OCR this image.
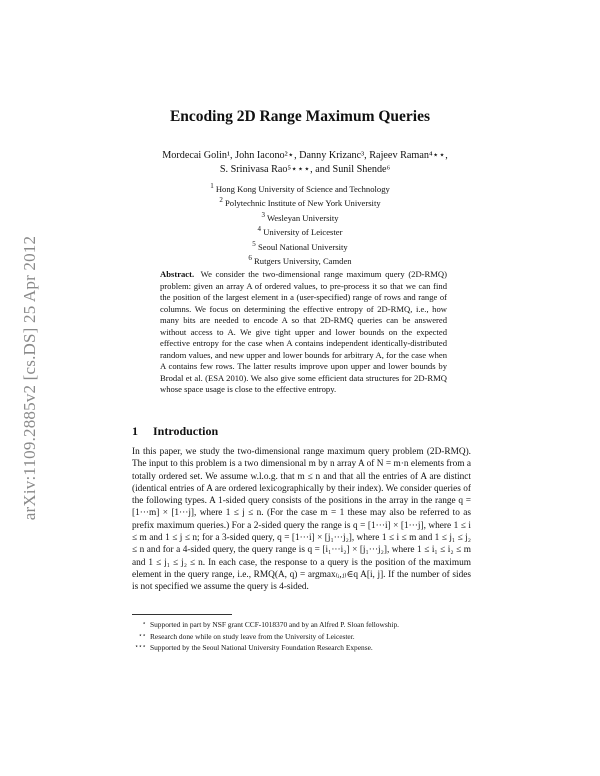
arXiv:1109.2885v2 [cs.DS] 25 Apr 2012
Encoding 2D Range Maximum Queries
Mordecai Golin¹, John Iacono²⋆, Danny Krizanc³, Rajeev Raman⁴⋆⋆,
S. Srinivasa Rao⁵⋆⋆⋆, and Sunil Shende⁶
$^1$ Hong Kong University of Science and Technology
$^2$ Polytechnic Institute of New York University
$^3$ Wesleyan University
$^4$ University of Leicester
$^5$ Seoul National University
$^6$ Rutgers University, Camden
Abstract. We consider the two-dimensional range maximum query (2D-RMQ) problem: given an array A of ordered values, to pre-process it so that we can find the position of the largest element in a (user-specified) range of rows and range of columns. We focus on determining the effective entropy of 2D-RMQ, i.e., how many bits are needed to encode A so that 2D-RMQ queries can be answered without access to A. We give tight upper and lower bounds on the expected effective entropy for the case when A contains independent identically-distributed random values, and new upper and lower bounds for arbitrary A, for the case when A contains few rows. The latter results improve upon upper and lower bounds by Brodal et al. (ESA 2010). We also give some efficient data structures for 2D-RMQ whose space usage is close to the effective entropy.
1 Introduction
In this paper, we study the two-dimensional range maximum query problem (2D-RMQ). The input to this problem is a two dimensional m by n array A of N = m·n elements from a totally ordered set. We assume w.l.o.g. that m ≤ n and that all the entries of A are distinct (identical entries of A are ordered lexicographically by their index). We consider queries of the following types. A 1-sided query consists of the positions in the array in the range q = [1···m] × [1···j], where 1 ≤ j ≤ n. (For the case m = 1 these may also be referred to as prefix maximum queries.) For a 2-sided query the range is q = [1···i] × [1···j], where 1 ≤ i ≤ m and 1 ≤ j ≤ n; for a 3-sided query, q = [1···i] × [j₁···j₂], where 1 ≤ i ≤ m and 1 ≤ j₁ ≤ j₂ ≤ n and for a 4-sided query, the query range is q = [i₁···i₂] × [j₁···j₂], where 1 ≤ i₁ ≤ i₂ ≤ m and 1 ≤ j₁ ≤ j₂ ≤ n. In each case, the response to a query is the position of the maximum element in the query range, i.e., RMQ(A, q) = argmax₍ᵢ,ⱼ₎∈q A[i, j]. If the number of sides is not specified we assume the query is 4-sided.
⋆ Supported in part by NSF grant CCF-1018370 and by an Alfred P. Sloan fellowship.
⋆⋆ Research done while on study leave from the University of Leicester.
⋆⋆⋆ Supported by the Seoul National University Foundation Research Expense.
